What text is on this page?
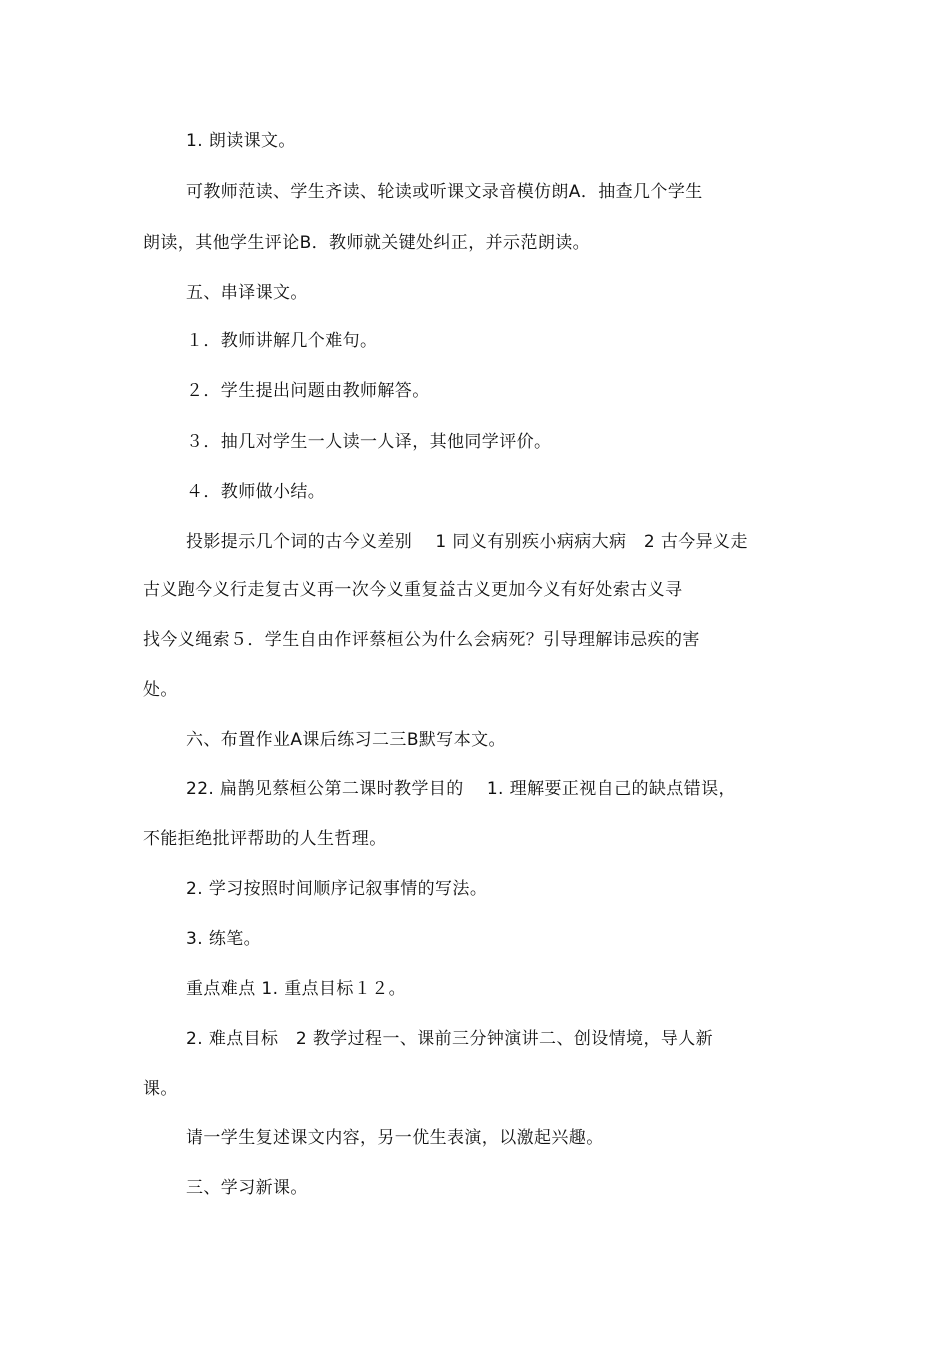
1. 朗读课文。
可教师范读、学生齐读、轮读或听课文录音模仿朗A．抽查几个学生
朗读，其他学生评论B．教师就关键处纠正，并示范朗读。
五、串译课文。
１．教师讲解几个难句。
２．学生提出问题由教师解答。
３．抽几对学生一人读一人译，其他同学评价。
４．教师做小结。
投影提示几个词的古今义差别　 1 同义有别疾小病病大病　2 古今异义走
古义跑今义行走复古义再一次今义重复益古义更加今义有好处索古义寻
找今义绳索５．学生自由作评蔡桓公为什么会病死？引导理解讳忌疾的害
处。
六、布置作业A课后练习二三B默写本文。
22. 扁鹊见蔡桓公第二课时教学目的　 1. 理解要正视自己的缺点错误，
不能拒绝批评帮助的人生哲理。
2. 学习按照时间顺序记叙事情的写法。
3. 练笔。
重点难点 1. 重点目标１２。
2. 难点目标　2 教学过程一、课前三分钟演讲二、创设情境，导人新
课。
请一学生复述课文内容，另一优生表演，以激起兴趣。
三、学习新课。
